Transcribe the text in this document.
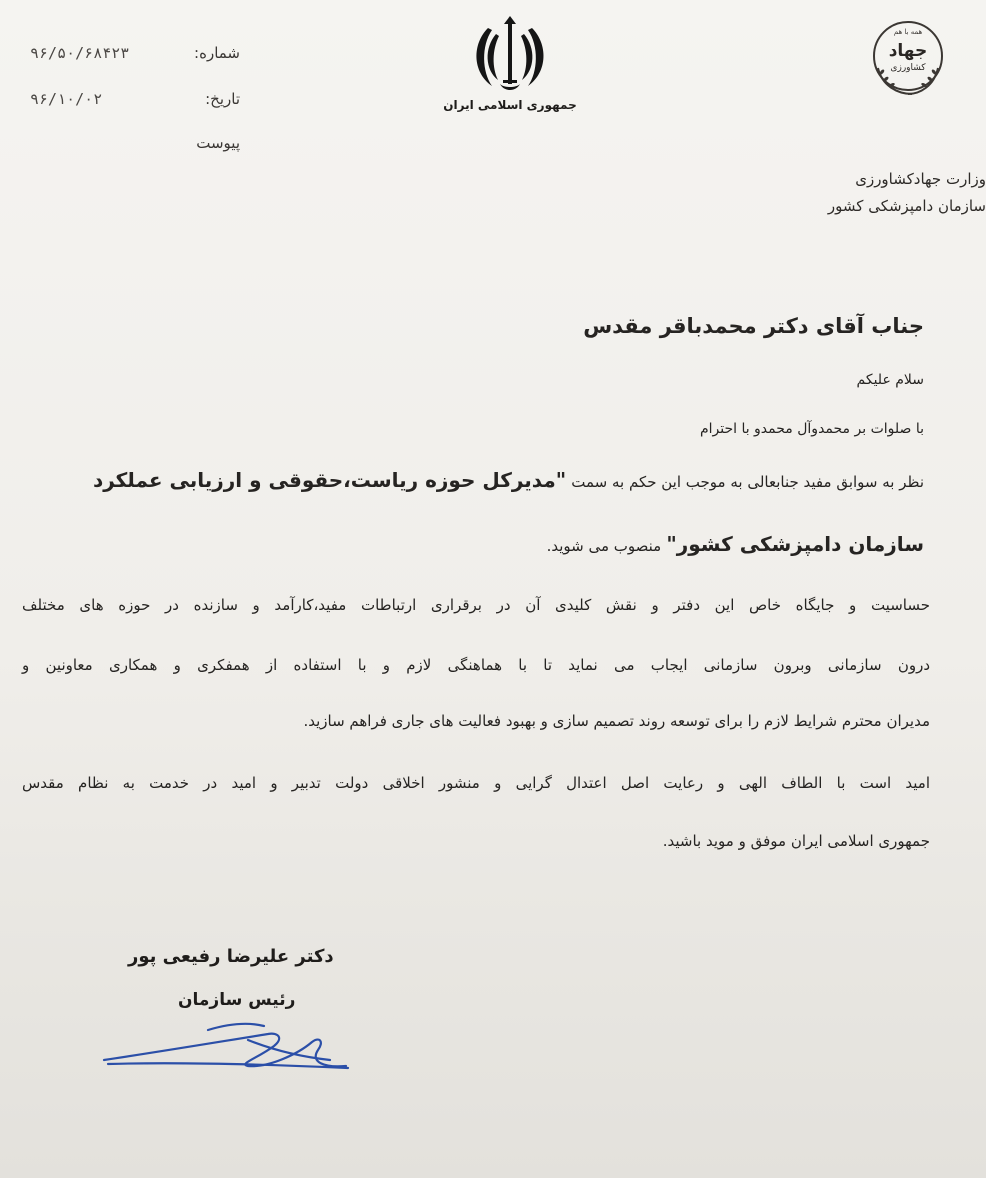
شماره:
۹۶/۵۰/۶۸۴۲۳
تاریخ:
۹۶/۱۰/۰۲
پیوست
جمهوری اسلامی ایران
همه با هم
جهاد
کشاورزی
وزارت جهادکشاورزی
سازمان دامپزشکی کشور
جناب آقای دکتر محمدباقر مقدس
سلام علیکم
با صلوات بر محمدوآل محمدو با احترام
نظر به سوابق مفید جنابعالی به موجب این حکم به سمت "مدیرکل حوزه ریاست،حقوقی و ارزیابی عملکرد
سازمان دامپزشکی کشور" منصوب می شوید.
حساسیت و جایگاه خاص این دفتر و نقش کلیدی آن در برقراری ارتباطات مفید،کارآمد و سازنده در حوزه های مختلف
درون سازمانی وبرون سازمانی ایجاب می نماید تا با هماهنگی لازم و با استفاده از همفکری و همکاری معاونین و
مدیران محترم شرایط لازم را برای توسعه روند تصمیم سازی و بهبود فعالیت های جاری فراهم سازید.
امید است با الطاف الهی و رعایت اصل اعتدال گرایی و منشور اخلاقی دولت تدبیر و امید در خدمت به نظام مقدس
جمهوری اسلامی ایران موفق و موید باشید.
دکتر علیرضا رفیعی پور
رئیس سازمان
